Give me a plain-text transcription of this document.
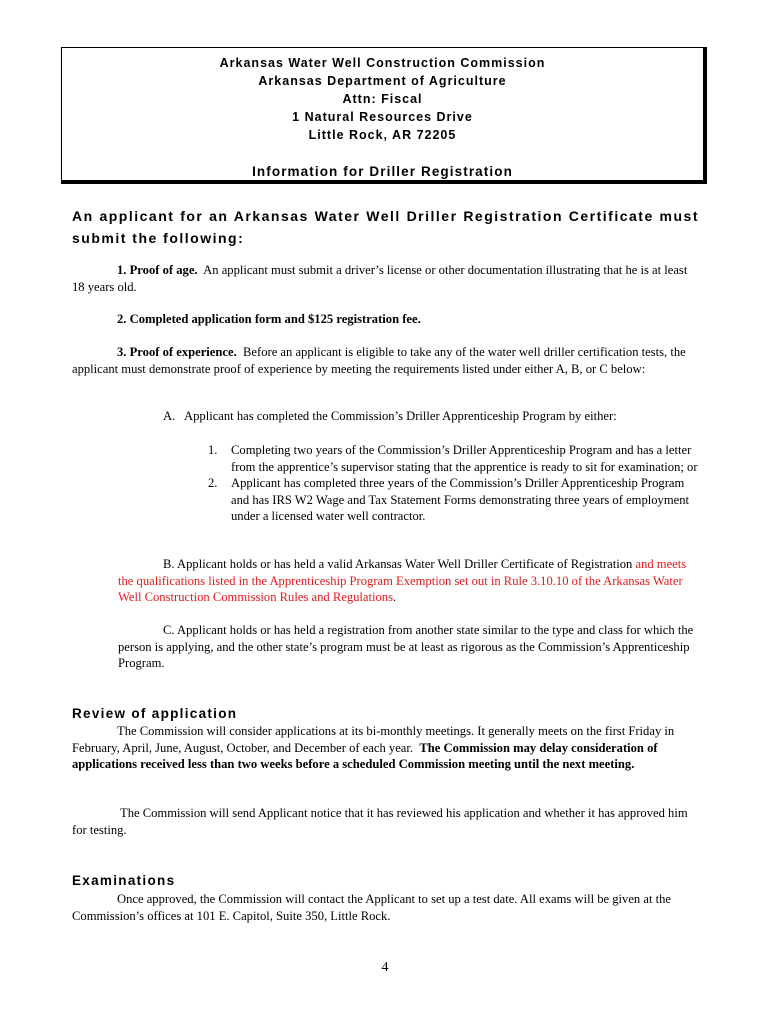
Arkansas Water Well Construction Commission
Arkansas Department of Agriculture
Attn: Fiscal
1 Natural Resources Drive
Little Rock, AR 72205
Information for Driller Registration
An applicant for an Arkansas Water Well Driller Registration Certificate must submit the following:

1. Proof of age. An applicant must submit a driver’s license or other documentation illustrating that he is at least 18 years old.

2. Completed application form and $125 registration fee.

3. Proof of experience. Before an applicant is eligible to take any of the water well driller certification tests, the applicant must demonstrate proof of experience by meeting the requirements listed under either A, B, or C below:

A. Applicant has completed the Commission’s Driller Apprenticeship Program by either:

1. Completing two years of the Commission’s Driller Apprenticeship Program and has a letter from the apprentice’s supervisor stating that the apprentice is ready to sit for examination; or
2. Applicant has completed three years of the Commission’s Driller Apprenticeship Program and has IRS W2 Wage and Tax Statement Forms demonstrating three years of employment under a licensed water well contractor.

B. Applicant holds or has held a valid Arkansas Water Well Driller Certificate of Registration and meets the qualifications listed in the Apprenticeship Program Exemption set out in Rule 3.10.10 of the Arkansas Water Well Construction Commission Rules and Regulations.

C. Applicant holds or has held a registration from another state similar to the type and class for which the person is applying, and the other state’s program must be at least as rigorous as the Commission’s Apprenticeship Program.

Review of application

The Commission will consider applications at its bi-monthly meetings. It generally meets on the first Friday in February, April, June, August, October, and December of each year. The Commission may delay consideration of applications received less than two weeks before a scheduled Commission meeting until the next meeting.

The Commission will send Applicant notice that it has reviewed his application and whether it has approved him for testing.

Examinations

Once approved, the Commission will contact the Applicant to set up a test date. All exams will be given at the Commission’s offices at 101 E. Capitol, Suite 350, Little Rock.

4
